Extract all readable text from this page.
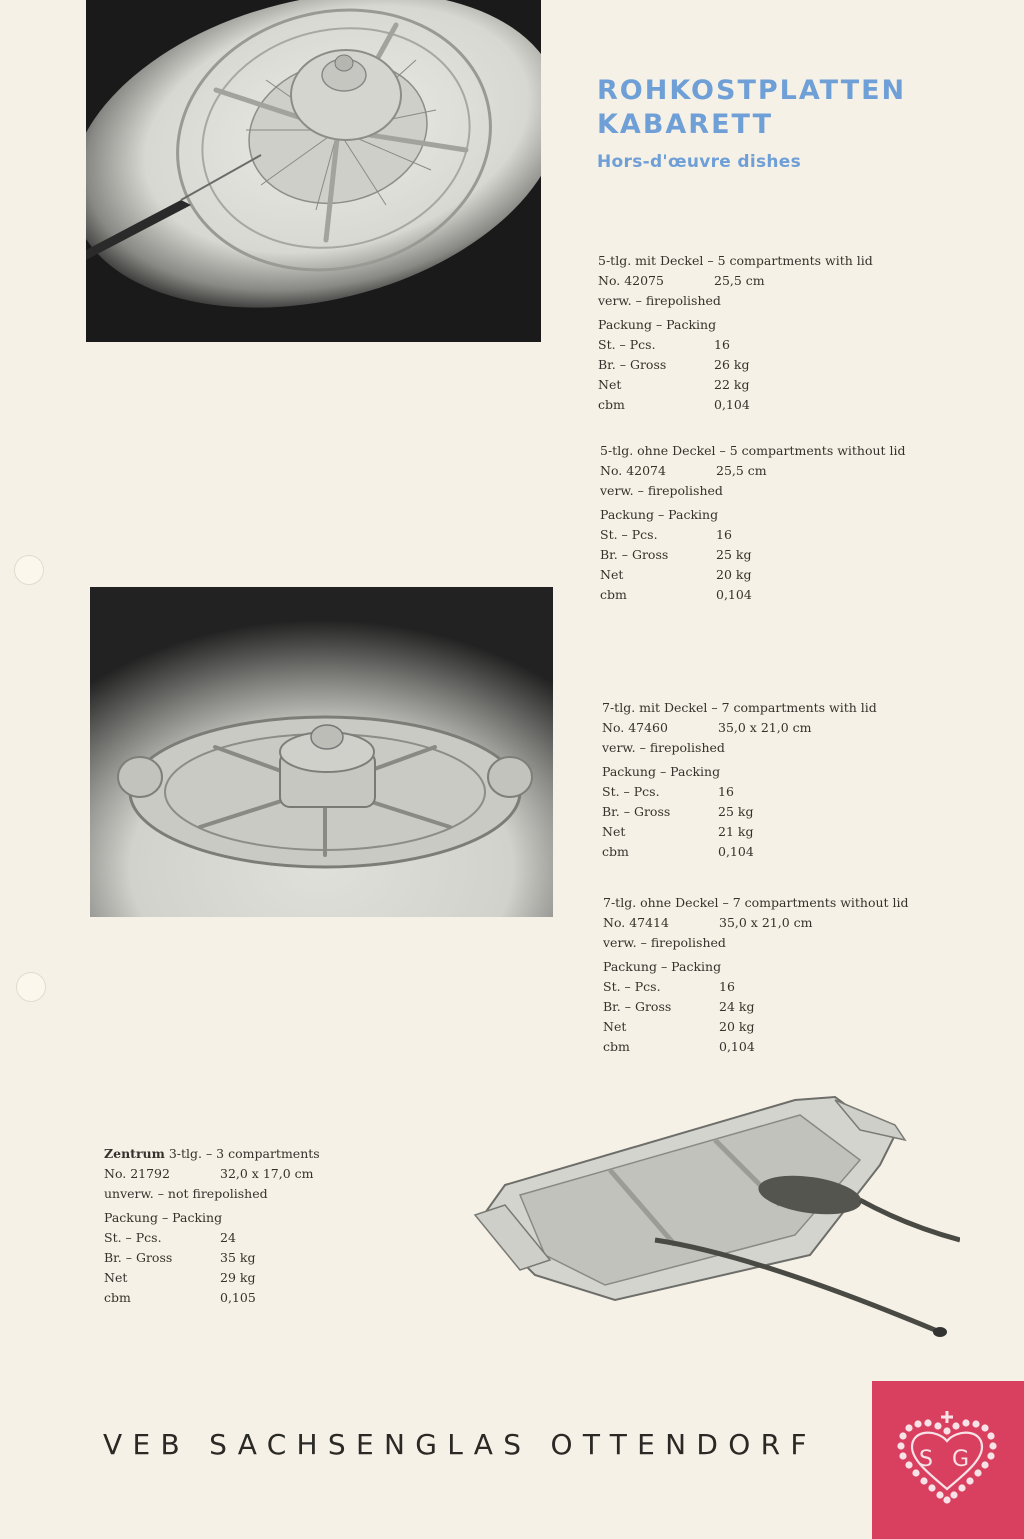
ROHKOSTPLATTEN
KABARETT
Hors-d'œuvre dishes
5-tlg. mit Deckel – 5 compartments with lid
No. 42075	25,5 cm
verw. – firepolished
Packung – Packing
St. – Pcs.	16
Br. – Gross	26 kg
Net	22 kg
cbm	0,104
5-tlg. ohne Deckel – 5 compartments without lid
No. 42074	25,5 cm
verw. – firepolished
Packung – Packing
St. – Pcs.	16
Br. – Gross	25 kg
Net	20 kg
cbm	0,104
7-tlg. mit Deckel – 7 compartments with lid
No. 47460	35,0 x 21,0 cm
verw. – firepolished
Packung – Packing
St. – Pcs.	16
Br. – Gross	25 kg
Net	21 kg
cbm	0,104
7-tlg. ohne Deckel – 7 compartments without lid
No. 47414	35,0 x 21,0 cm
verw. – firepolished
Packung – Packing
St. – Pcs.	16
Br. – Gross	24 kg
Net	20 kg
cbm	0,104
Zentrum 3-tlg. – 3 compartments
No. 21792	32,0 x 17,0 cm
unverw. – not firepolished
Packung – Packing
St. – Pcs.	24
Br. – Gross	35 kg
Net	29 kg
cbm	0,105
VEB SACHSENGLAS OTTENDORF	S G
